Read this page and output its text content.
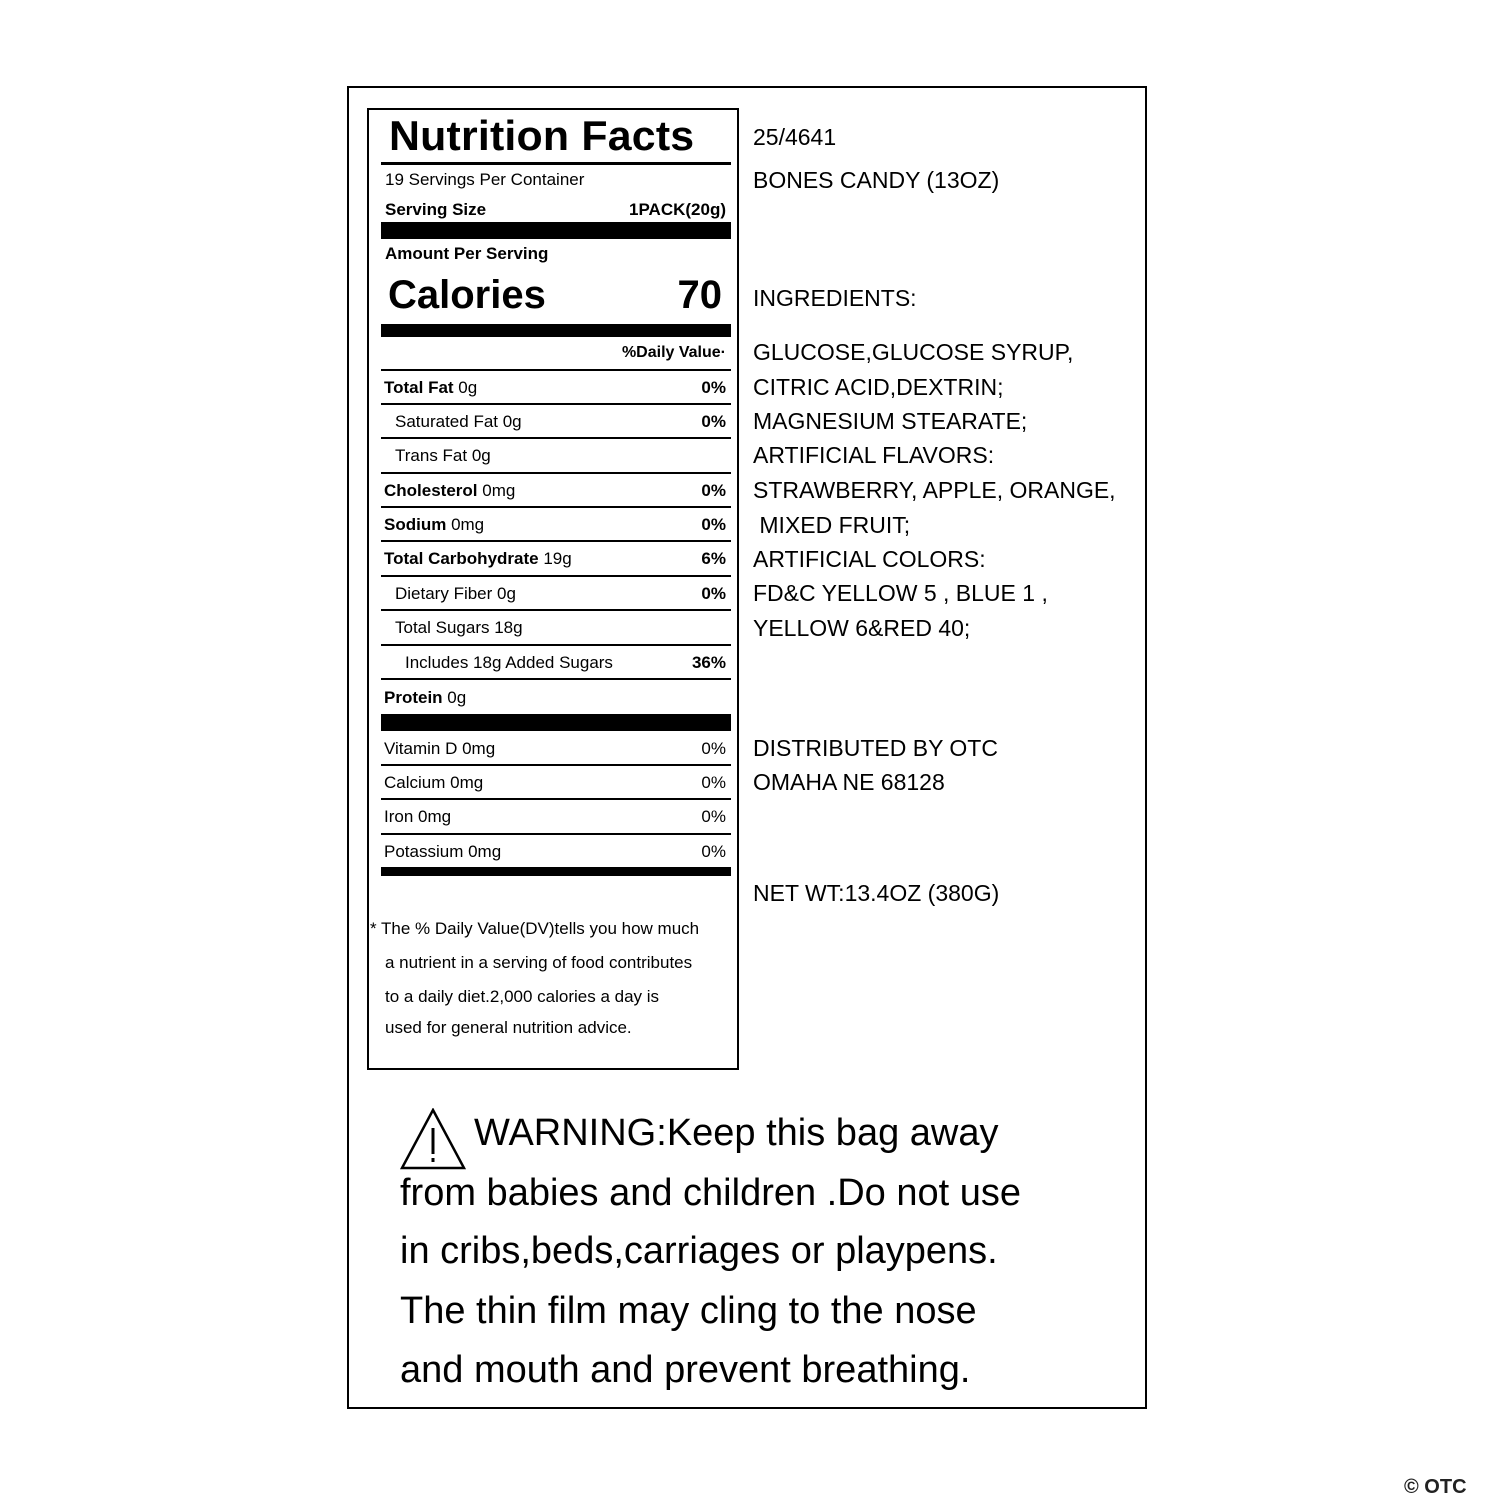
Nutrition Facts
19 Servings Per Container
Serving Size	1PACK(20g)
Amount Per Serving
Calories	70
%Daily Value·
Total Fat 0g	0%
Saturated Fat 0g	0%
Trans Fat 0g
Cholesterol 0mg	0%
Sodium 0mg	0%
Total Carbohydrate 19g	6%
Dietary Fiber 0g	0%
Total Sugars 18g
Includes 18g Added Sugars	36%
Protein 0g
Vitamin D 0mg	0%
Calcium 0mg	0%
Iron 0mg	0%
Potassium 0mg	0%
* The % Daily Value(DV)tells you how much
a nutrient in a serving of food contributes
to a daily diet.2,000 calories a day is
used for general nutrition advice.
25/4641
BONES CANDY (13OZ)
INGREDIENTS:
GLUCOSE,GLUCOSE SYRUP,
CITRIC ACID,DEXTRIN;
MAGNESIUM STEARATE;
ARTIFICIAL FLAVORS:
STRAWBERRY, APPLE, ORANGE,
MIXED FRUIT;
ARTIFICIAL COLORS:
FD&C YELLOW 5 , BLUE 1 ,
YELLOW 6&RED 40;
DISTRIBUTED BY OTC
OMAHA NE 68128
NET WT:13.4OZ (380G)
WARNING:Keep this bag away
from babies and children .Do not use
in cribs,beds,carriages or playpens.
The thin film may cling to the nose
and mouth and prevent breathing.
© OTC
